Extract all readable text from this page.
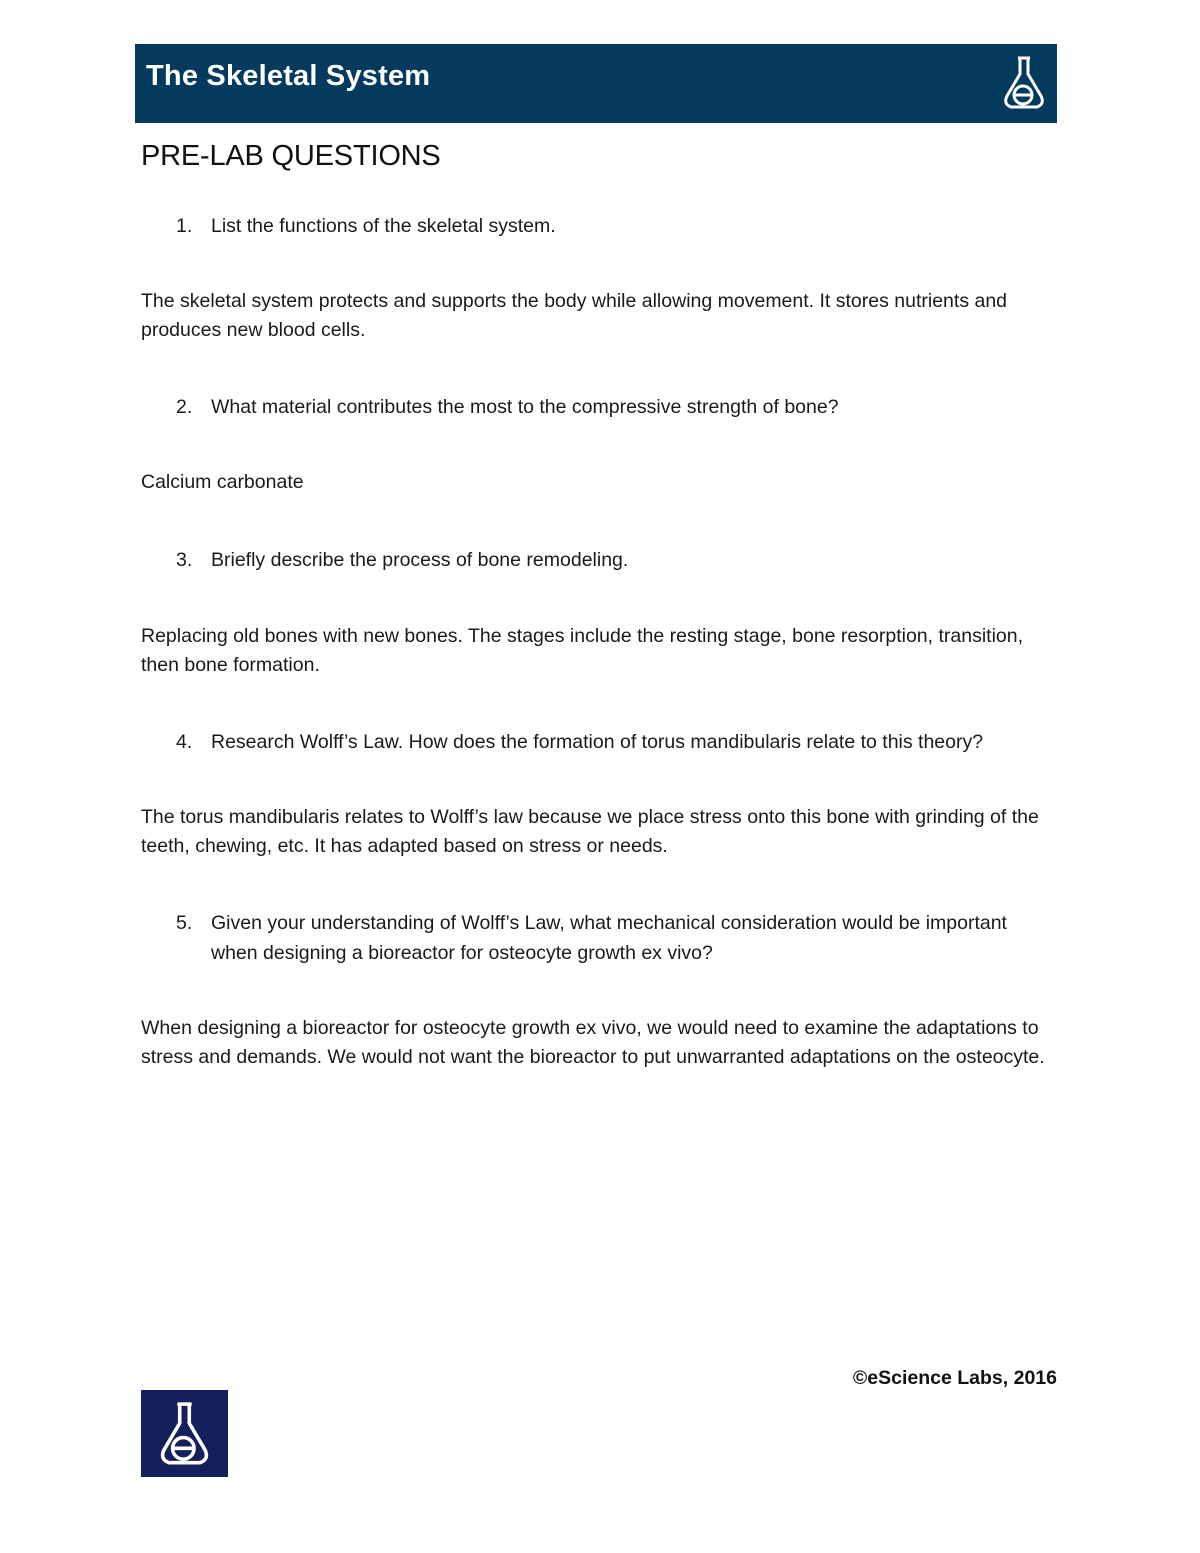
The Skeletal System
PRE-LAB QUESTIONS
1. List the functions of the skeletal system.

The skeletal system protects and supports the body while allowing movement. It stores nutrients and produces new blood cells.

2. What material contributes the most to the compressive strength of bone?

Calcium carbonate

3. Briefly describe the process of bone remodeling.

Replacing old bones with new bones. The stages include the resting stage, bone resorption, transition, then bone formation.

4. Research Wolff’s Law. How does the formation of torus mandibularis relate to this theory?

The torus mandibularis relates to Wolff’s law because we place stress onto this bone with grinding of the teeth, chewing, etc. It has adapted based on stress or needs.

5. Given your understanding of Wolff’s Law, what mechanical consideration would be important when designing a bioreactor for osteocyte growth ex vivo?

When designing a bioreactor for osteocyte growth ex vivo, we would need to examine the adaptations to stress and demands. We would not want the bioreactor to put unwarranted adaptations on the osteocyte.

©eScience Labs, 2016
